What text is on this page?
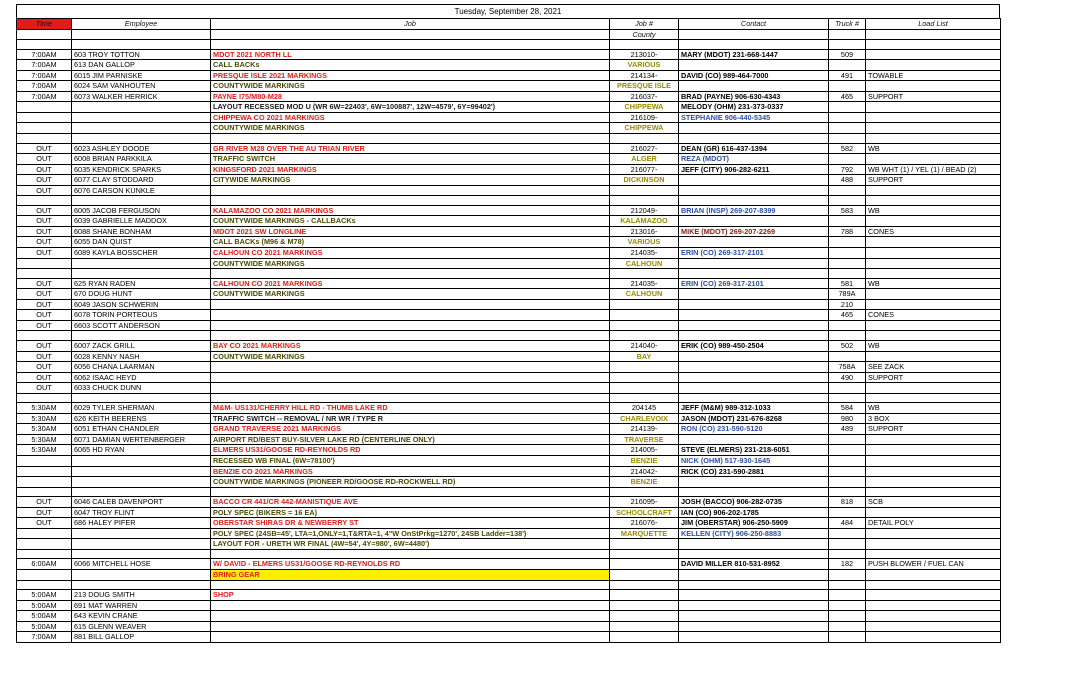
Tuesday, September 28, 2021
Time	Employee	Job	Job #	Contact	Truck #	Load List
			County			

7:00AM	603 TROY TOTTON	MDOT 2021 NORTH LL	213010-	MARY (MDOT) 231-668-1447	509	
7:00AM	613 DAN GALLOP	CALL BACKs	VARIOUS			
7:00AM	6015 JIM PARNISKE	PRESQUE ISLE 2021 MARKINGS	214134-	DAVID (CO) 989-464-7000	491	TOWABLE
7:00AM	6024 SAM VANHOUTEN	COUNTYWIDE MARKINGS	PRESQUE ISLE			
7:00AM	6073 WALKER HERRICK	PAYNE I75/M80-M28	216037-	BRAD (PAYNE) 906-630-4343	465	SUPPORT
		LAYOUT RECESSED MOD U (WR 6W=22403', 6W=100887', 12W=4579', 6Y=99402')	CHIPPEWA	MELODY (OHM) 231-373-0337		
		CHIPPEWA CO 2021 MARKINGS	216109-	STEPHANIE 906-440-5345		
		COUNTYWIDE MARKINGS	CHIPPEWA			

OUT	6023 ASHLEY DOODE	GR RIVER M28 OVER THE AU TRIAN RIVER	216027-	DEAN (GR) 616-437-1394	582	WB
OUT	6008 BRIAN PARKKILA	TRAFFIC SWITCH	ALGER	REZA (MDOT)		
OUT	6035 KENDRICK SPARKS	KINGSFORD 2021 MARKINGS	216077-	JEFF (CITY) 906-282-6211	792	WB WHT (1) / YEL (1) / BEAD (2)
OUT	6077 CLAY STODDARD	CITYWIDE MARKINGS	DICKINSON		488	SUPPORT
OUT	6076 CARSON KUNKLE					

OUT	6005 JACOB FERGUSON	KALAMAZOO CO 2021 MARKINGS	212049-	BRIAN (INSP) 269-207-8399	583	WB
OUT	6039 GABRIELLE MADDOX	COUNTYWIDE MARKINGS - CALLBACKs	KALAMAZOO			
OUT	6088 SHANE BONHAM	MDOT 2021 SW LONGLINE	213016-	MIKE (MDOT) 269-207-2269	788	CONES
OUT	6055 DAN QUIST	CALL BACKs (M96 & M78)	VARIOUS			
OUT	6089 KAYLA BOSSCHER	CALHOUN CO 2021 MARKINGS	214035-	ERIN (CO) 269-317-2101		
		COUNTYWIDE MARKINGS	CALHOUN			

OUT	625 RYAN RADEN	CALHOUN CO 2021 MARKINGS	214035-	ERIN (CO) 269-317-2101	581	WB
OUT	670 DOUG HUNT	COUNTYWIDE MARKINGS	CALHOUN		789A	
OUT	6049 JASON SCHWERIN				210	
OUT	6078 TORIN PORTEOUS				465	CONES
OUT	6603 SCOTT ANDERSON					

OUT	6007 ZACK GRILL	BAY CO 2021 MARKINGS	214040-	ERIK (CO) 989-450-2504	502	WB
OUT	6028 KENNY NASH	COUNTYWIDE MARKINGS	BAY			
OUT	6056 CHANA LAARMAN				758A	SEE ZACK
OUT	6062 ISAAC HEYD				490	SUPPORT
OUT	6033 CHUCK DUNN					

5:30AM	6029 TYLER SHERMAN	M&M- US131/CHERRY HILL RD - THUMB LAKE RD	204145	JEFF (M&M) 989-312-1033	584	WB
5:30AM	626 KEITH BEERENS	TRAFFIC SWITCH -- REMOVAL / NR WR / TYPE R	CHARLEVOIX	JASON (MDOT) 231-676-8268	980	3 BOX
5:30AM	6051 ETHAN CHANDLER	GRAND TRAVERSE 2021 MARKINGS	214139-	RON (CO) 231-590-5120	489	SUPPORT
5:30AM	6071 DAMIAN WERTENBERGER	AIRPORT RD/BEST BUY-SILVER LAKE RD (CENTERLINE ONLY)	TRAVERSE			
5:30AM	6065 HD RYAN	ELMERS US31/GOOSE RD-REYNOLDS RD	214005-	STEVE (ELMERS) 231-218-6051		
		RECESSED WB FINAL (6W=78100')	BENZIE	NICK (OHM) 517-930-1645		
		BENZIE CO 2021 MARKINGS	214042-	RICK (CO) 231-590-2881		
		COUNTYWIDE MARKINGS (PIONEER RD/GOOSE RD-ROCKWELL RD)	BENZIE			

OUT	6046 CALEB DAVENPORT	BACCO CR 441/CR 442-MANISTIQUE AVE	216095-	JOSH (BACCO) 906-282-0735	818	SCB
OUT	6047 TROY FLINT	POLY SPEC (BIKERS = 16 EA)	SCHOOLCRAFT	IAN (CO) 906-202-1785		
OUT	686 HALEY PIFER	OBERSTAR SHIRAS DR & NEWBERRY ST	216076-	JIM (OBERSTAR) 906-250-5909	484	DETAIL POLY
		POLY SPEC (24SB=45', LTA=1,ONLY=1,T&RTA=1, 4"W OnStPrkg=1270', 24SB Ladder=138')	MARQUETTE	KELLEN (CITY) 906-250-8883		
		LAYOUT FOR - URETH WR FINAL (4W=54', 4Y=980', 6W=4480')				

6:00AM	6066 MITCHELL HOSE	W/ DAVID - ELMERS US31/GOOSE RD-REYNOLDS RD		DAVID MILLER 810-531-8952	182	PUSH BLOWER / FUEL CAN
		BRING GEAR				

5:00AM	213 DOUG SMITH	SHOP				
5:00AM	691 MAT WARREN					
5:00AM	643 KEVIN CRANE					
5:00AM	615 GLENN WEAVER					
7:00AM	881 BILL GALLOP					
